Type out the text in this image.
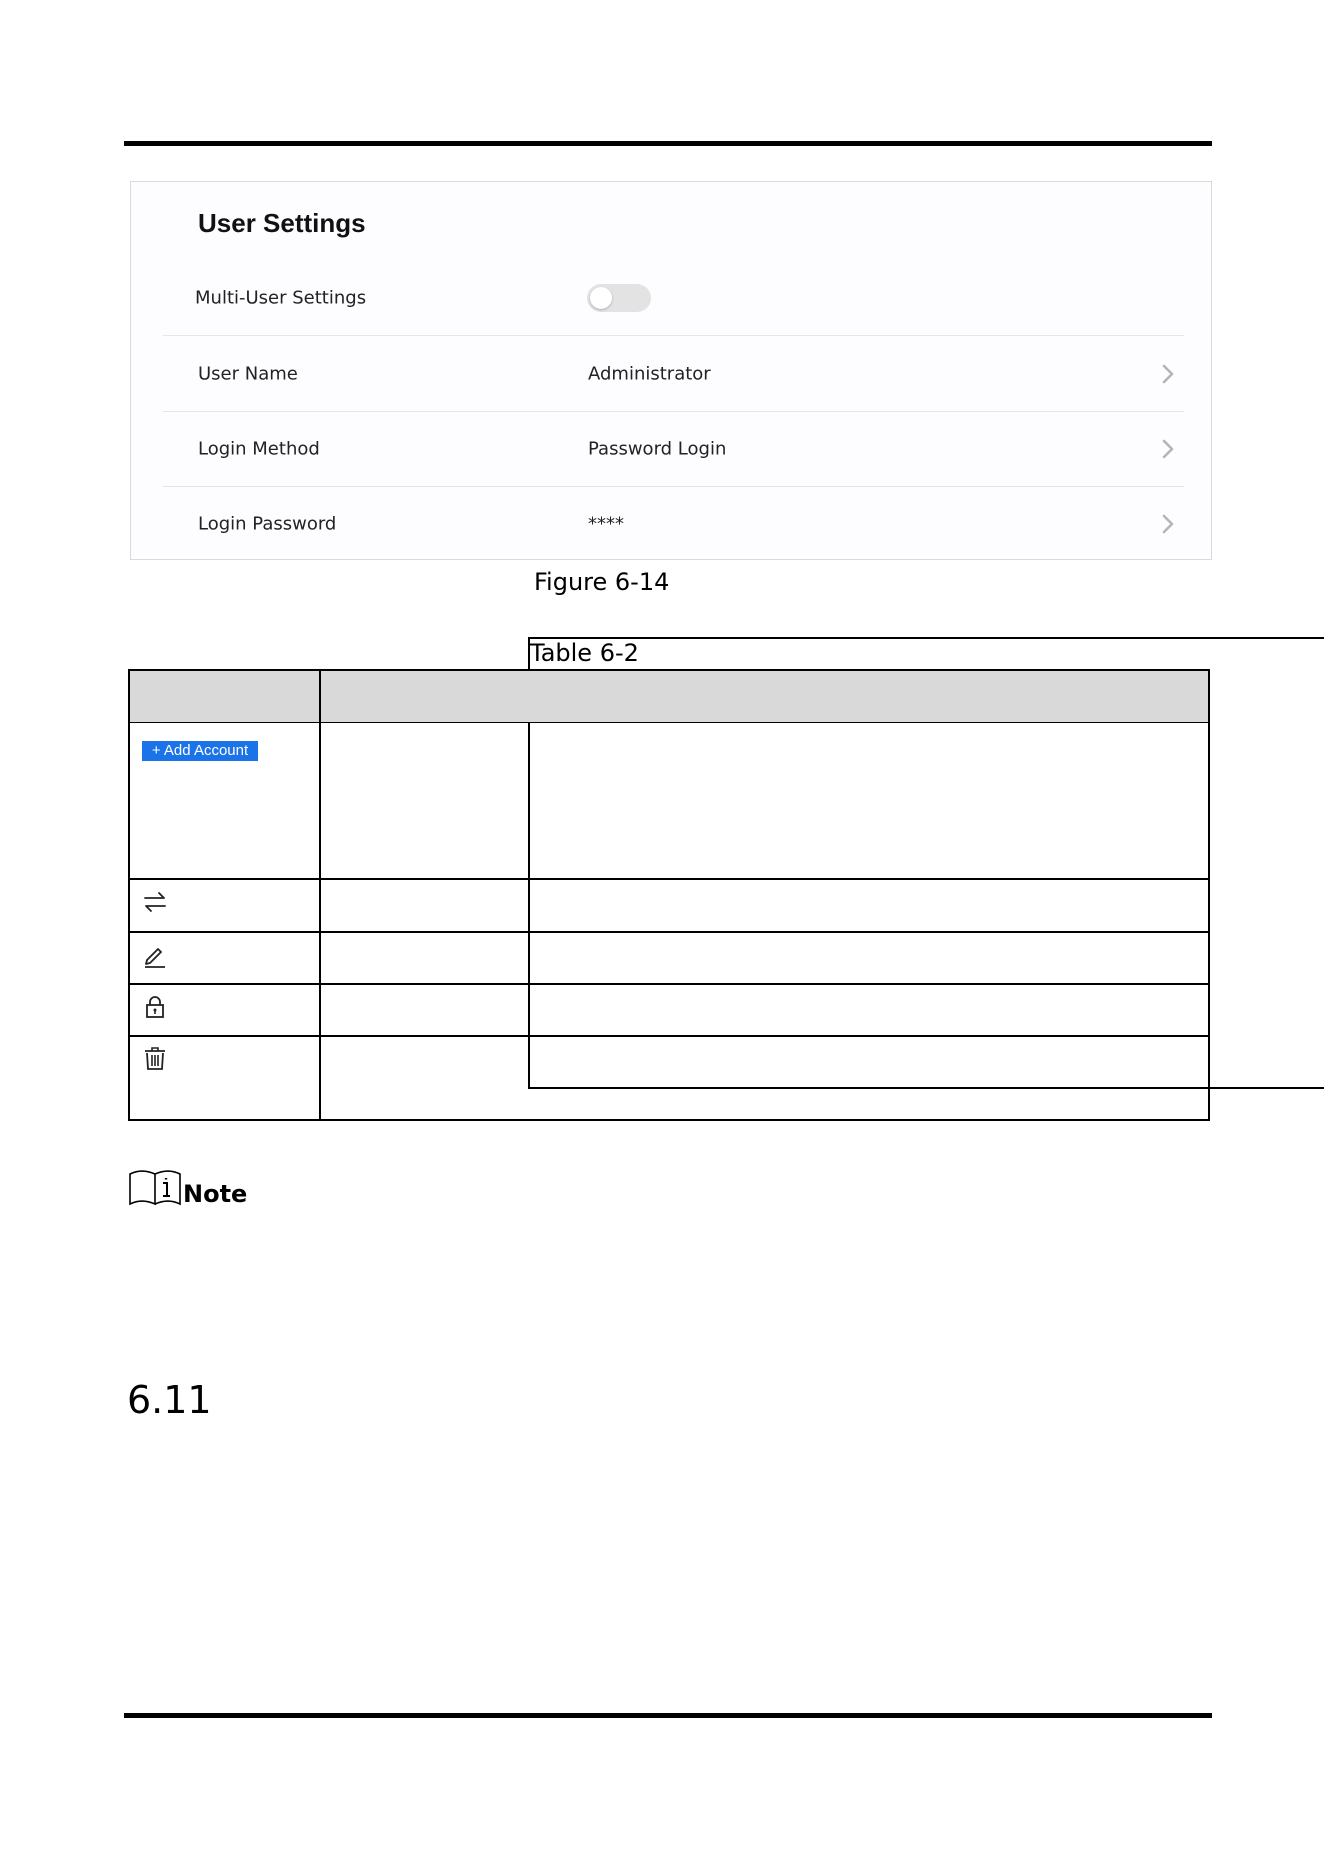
User Settings
Multi-User Settings
User Name	Administrator
Login Method	Password Login
Login Password	****
Figure 6-14
Table 6-2
+ Add Account
Note
6.11
